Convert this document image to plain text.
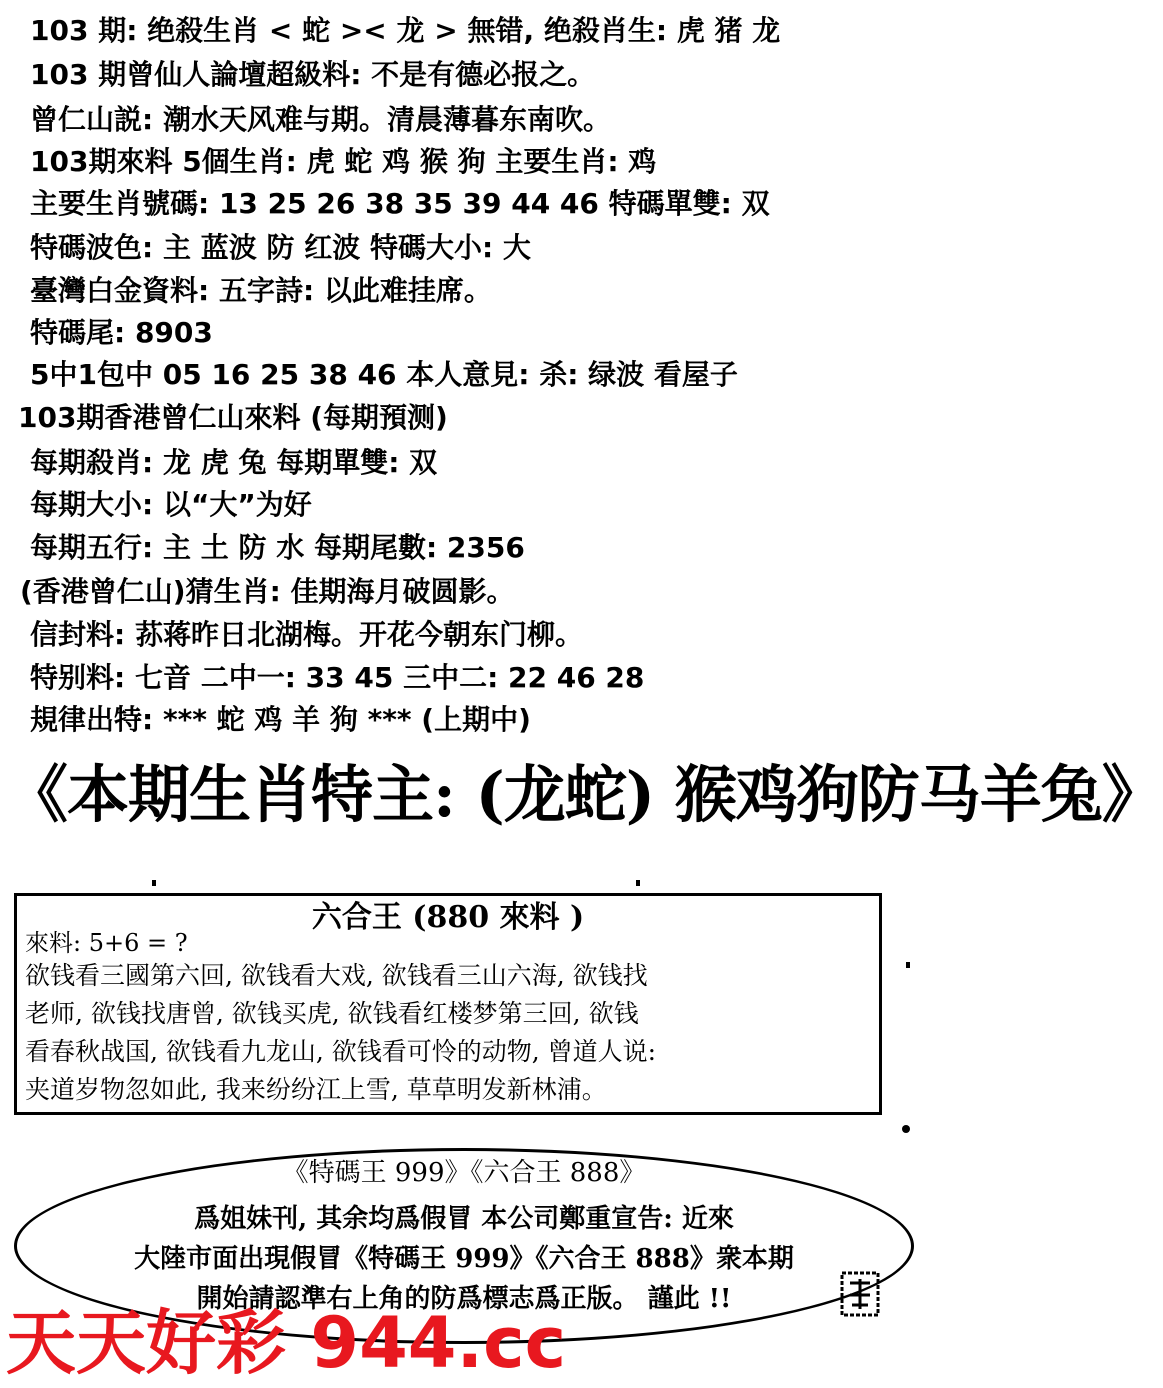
103 期: 绝殺生肖 < 蛇 >< 龙 > 無错, 绝殺肖生: 虎 猪 龙
103 期曾仙人論壇超級料: 不是有德必报之。
曾仁山説: 潮水天风难与期。清晨薄暮东南吹。
103期來料 5個生肖: 虎 蛇 鸡 猴 狗 主要生肖: 鸡
主要生肖號碼: 13 25 26 38 35 39 44 46 特碼單雙: 双
特碼波色: 主 蓝波 防 红波 特碼大小: 大
臺灣白金資料: 五字詩: 以此难挂席。
特碼尾: 8903
5中1包中 05 16 25 38 46 本人意見: 杀: 绿波 看屋子
103期香港曾仁山來料 (每期預测)
每期殺肖: 龙 虎 兔 每期單雙: 双
每期大小: 以“大”为好
每期五行: 主 土 防 水 每期尾數: 2356
(香港曾仁山)猜生肖: 佳期海月破圆影。
信封料: 荪蒋昨日北湖梅。开花今朝东门柳。
特别料: 七音 二中一: 33 45 三中二: 22 46 28
規律出特: *** 蛇 鸡 羊 狗 *** (上期中)
《本期生肖特主: (龙蛇) 猴鸡狗防马羊兔》
六合王 (880 來料 )
來料: 5+6 = ?
欲钱看三國第六回, 欲钱看大戏, 欲钱看三山六海, 欲钱找
老师, 欲钱找唐曾, 欲钱买虎, 欲钱看红楼梦第三回, 欲钱
看春秋战国, 欲钱看九龙山, 欲钱看可怜的动物, 曾道人说:
夹道岁物忽如此, 我来纷纷江上雪, 草草明发新林浦。
《特碼王 999》《六合王 888》
爲姐妹刊, 其余均爲假冒 本公司鄭重宣告: 近來
大陸市面出現假冒《特碼王 999》《六合王 888》衆本期
開始請認準右上角的防爲標志爲正版。 謹此 !!
天天好彩 944.cc
